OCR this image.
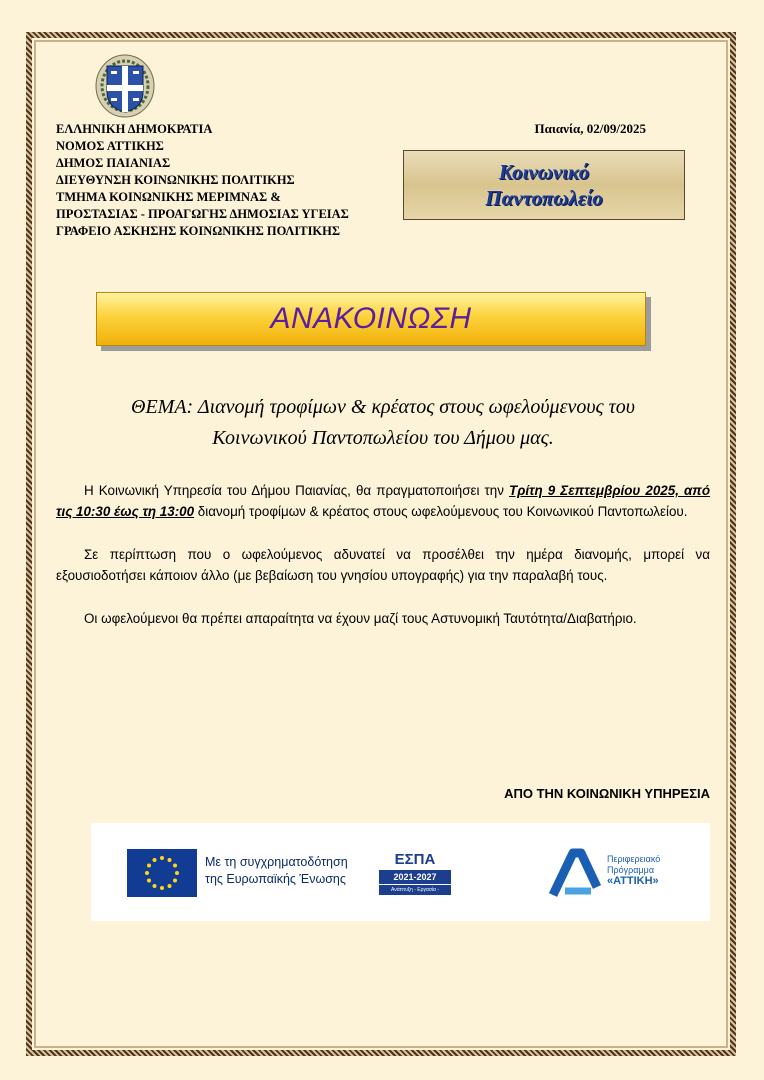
ΕΛΛΗΝΙΚΗ ΔΗΜΟΚΡΑΤΙΑ
ΝΟΜΟΣ ΑΤΤΙΚΗΣ
ΔΗΜΟΣ ΠΑΙΑΝΙΑΣ
ΔΙΕΥΘΥΝΣΗ ΚΟΙΝΩΝΙΚΗΣ ΠΟΛΙΤΙΚΗΣ
ΤΜΗΜΑ ΚΟΙΝΩΝΙΚΗΣ ΜΕΡΙΜΝΑΣ &
ΠΡΟΣΤΑΣΙΑΣ - ΠΡΟΑΓΩΓΗΣ ΔΗΜΟΣΙΑΣ ΥΓΕΙΑΣ
ΓΡΑΦΕΙΟ ΑΣΚΗΣΗΣ ΚΟΙΝΩΝΙΚΗΣ ΠΟΛΙΤΙΚΗΣ
Παιανία, 02/09/2025
Κοινωνικό
Παντοπωλείο
ΑΝΑΚΟΙΝΩΣΗ
ΘΕΜΑ: Διανομή τροφίμων & κρέατος στους ωφελούμενους του
Κοινωνικού Παντοπωλείου του Δήμου μας.

Η Κοινωνική Υπηρεσία του Δήμου Παιανίας, θα πραγματοποιήσει την Τρίτη 9 Σεπτεμβρίου 2025, από τις 10:30 έως τη 13:00 διανομή τροφίμων & κρέατος στους ωφελούμενους του Κοινωνικού Παντοπωλείου.

Σε περίπτωση που ο ωφελούμενος αδυνατεί να προσέλθει την ημέρα διανομής, μπορεί να εξουσιοδοτήσει κάποιον άλλο (με βεβαίωση του γνησίου υπογραφής) για την παραλαβή τους.

Οι ωφελούμενοι θα πρέπει απαραίτητα να έχουν μαζί τους Αστυνομική Ταυτότητα/Διαβατήριο.

ΑΠΟ ΤΗΝ ΚΟΙΝΩΝΙΚΗ ΥΠΗΡΕΣΙΑ
Με τη συγχρηματοδότηση
της Ευρωπαϊκής Ένωσης
ΕΣΠΑ
2021-2027
Ανάπτυξη - Εργασία - Αλληλεγγύη
Περιφερειακό
Πρόγραμμα
«ΑΤΤΙΚΗ»
